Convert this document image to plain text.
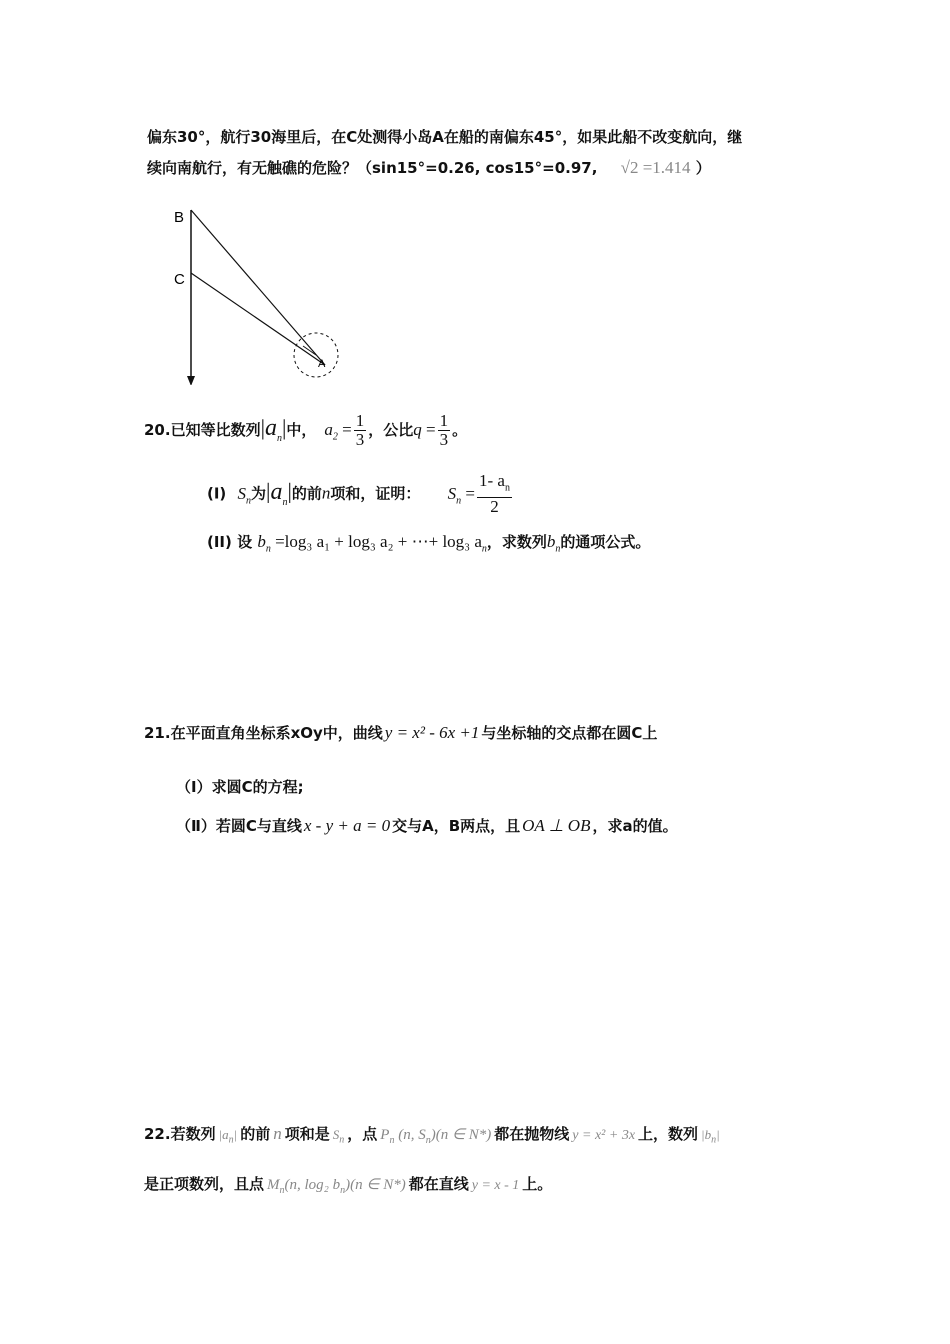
偏东30°，航行30海里后，在C处测得小岛A在船的南偏东45°，如果此船不改变航向，继
续向南航行，有无触礁的危险？（sin15°=0.26, cos15°=0.97, √2 =1.414 ）
B
C
A
20.已知等比数列$|a_n|$中， $a_2 = \frac{1}{3}$ ，公比$q = \frac{1}{3}$ 。
(I) $S_n$为$|a_n|$的前n项和，证明： $S_n = \frac{1- a_n}{2}$
(II) 设 $b_n =\log_3$ a₁ + log₃ a₂ + ⋯+ log₃ $a_n$，求数列$b_n$的通项公式。
21.在平面直角坐标系xOy中，曲线 y = x² - 6x +1 与坐标轴的交点都在圆C上
（Ⅰ）求圆C的方程;
（Ⅱ）若圆C与直线 x - y + a = 0 交与A，B两点，且 OA ⊥ OB ，求a的值。
22.若数列 $|a_n|$ 的前 n 项和是 $S_n$ ，点 $P_n$ (n, $S_n)(n$ ∈ N*) 都在抛物线 y = x² + 3x 上，数列 $|b_n|$
是正项数列，且点 $M_n(n$, log₂ $b_n)(n$ ∈ N*) 都在直线 y = x - 1 上。
